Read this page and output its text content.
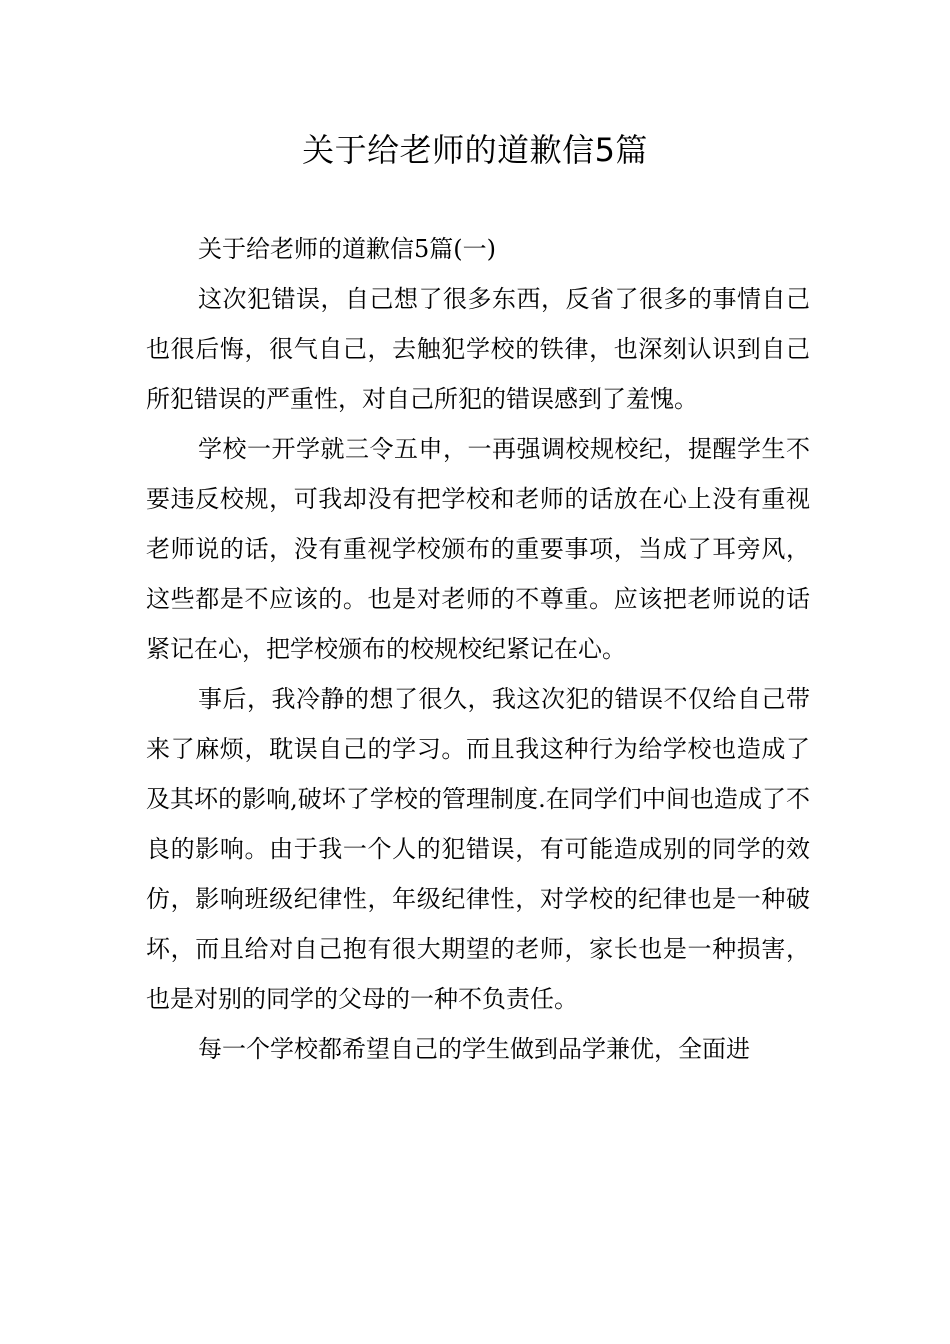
关于给老师的道歉信5篇

关于给老师的道歉信5篇(一)

这次犯错误，自己想了很多东西，反省了很多的事情自己也很后悔，很气自己，去触犯学校的铁律，也深刻认识到自己所犯错误的严重性，对自己所犯的错误感到了羞愧。

学校一开学就三令五申，一再强调校规校纪，提醒学生不要违反校规，可我却没有把学校和老师的话放在心上没有重视老师说的话，没有重视学校颁布的重要事项，当成了耳旁风，这些都是不应该的。也是对老师的不尊重。应该把老师说的话紧记在心，把学校颁布的校规校纪紧记在心。

事后，我冷静的想了很久，我这次犯的错误不仅给自己带来了麻烦，耽误自己的学习。而且我这种行为给学校也造成了及其坏的影响,破坏了学校的管理制度.在同学们中间也造成了不良的影响。由于我一个人的犯错误，有可能造成别的同学的效仿，影响班级纪律性，年级纪律性，对学校的纪律也是一种破坏，而且给对自己抱有很大期望的老师，家长也是一种损害，也是对别的同学的父母的一种不负责任。

每一个学校都希望自己的学生做到品学兼优，全面进
